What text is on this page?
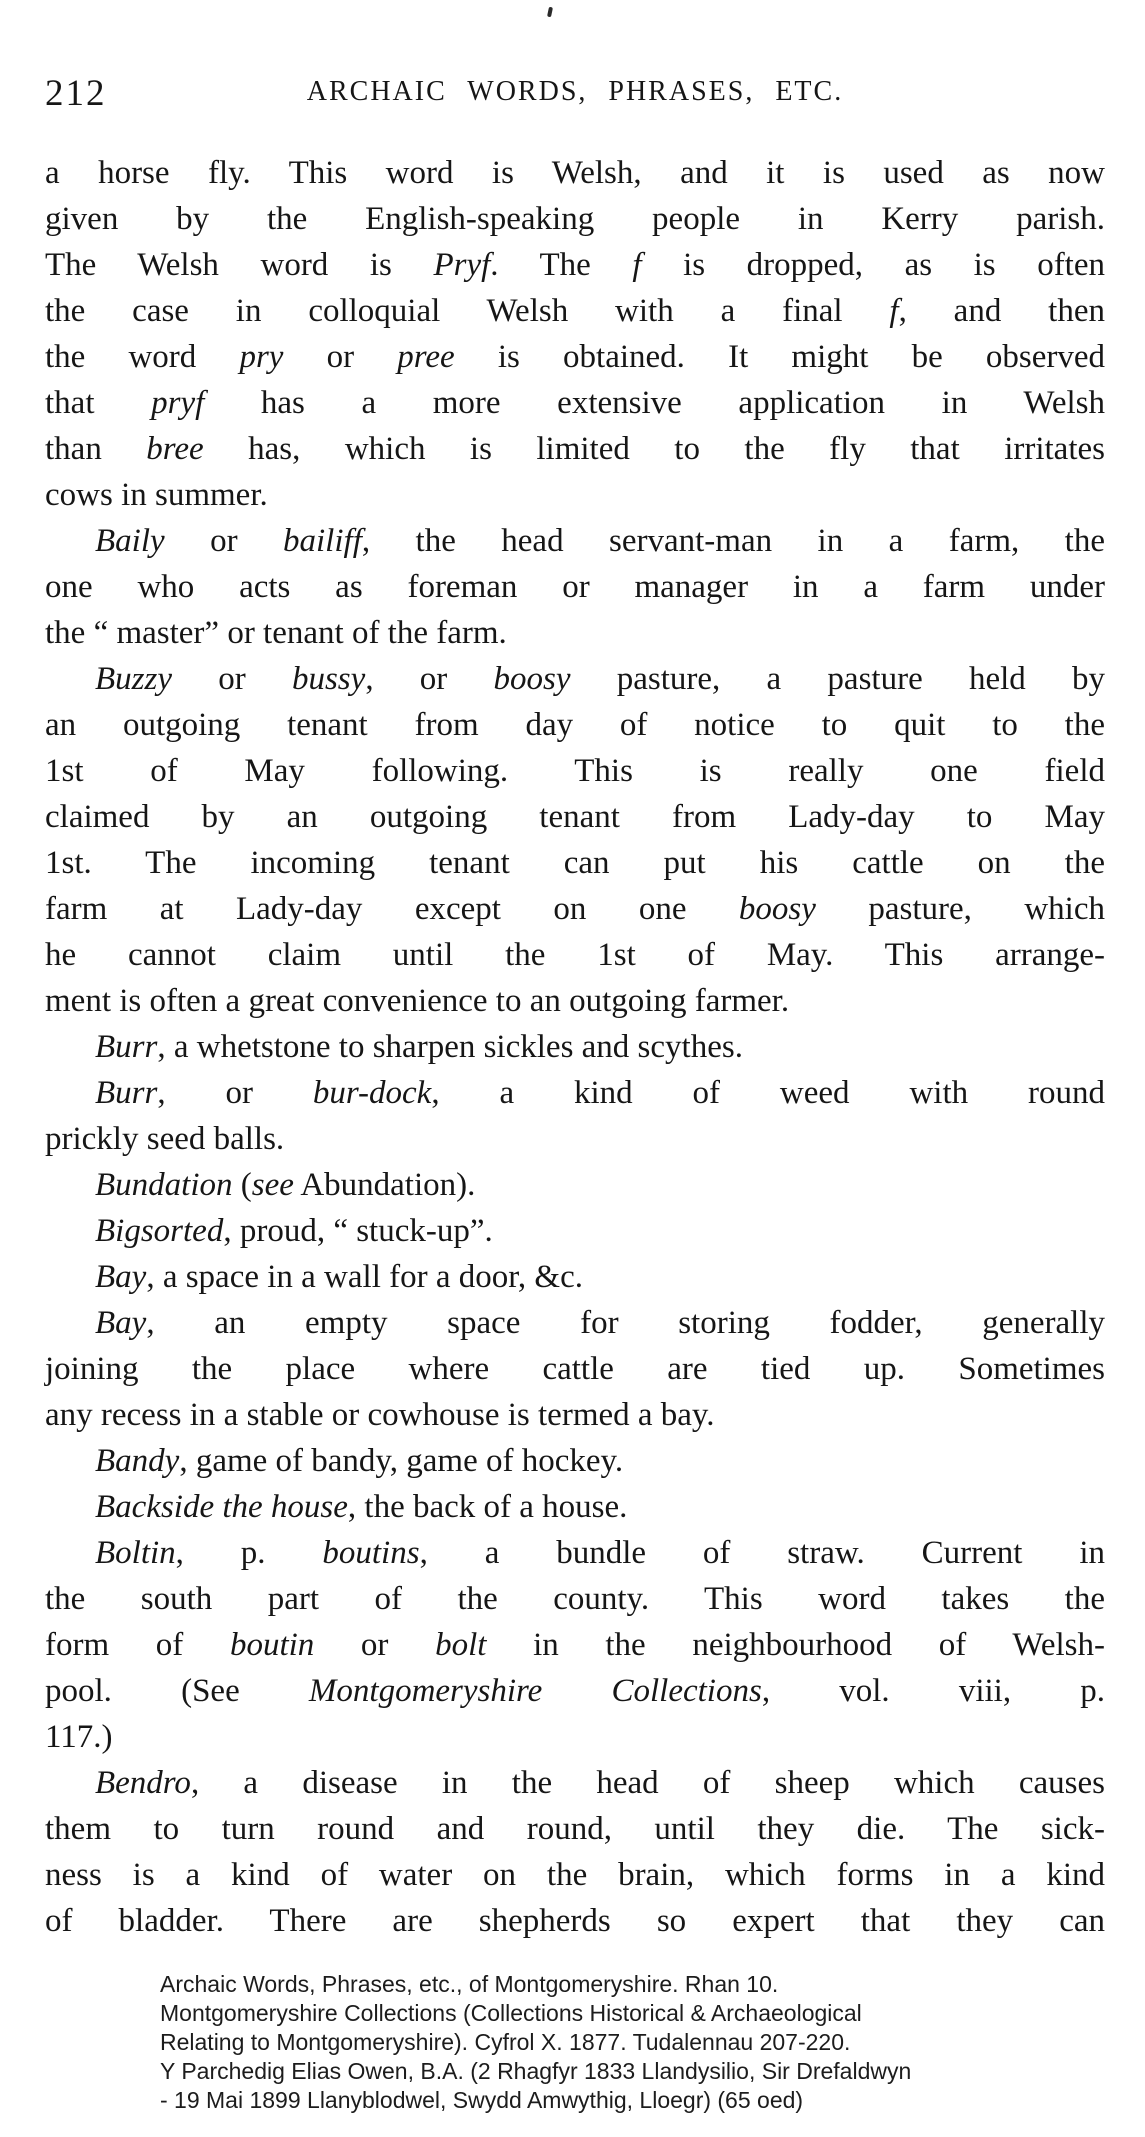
212	ARCHAIC WORDS, PHRASES, ETC.
a horse fly. This word is Welsh, and it is used as now
given by the English-speaking people in Kerry parish.
The Welsh word is Pryf. The f is dropped, as is often
the case in colloquial Welsh with a final f, and then
the word pry or pree is obtained. It might be observed
that pryf has a more extensive application in Welsh
than bree has, which is limited to the fly that irritates
cows in summer.
Baily or bailiff, the head servant-man in a farm, the
one who acts as foreman or manager in a farm under
the “ master” or tenant of the farm.
Buzzy or bussy, or boosy pasture, a pasture held by
an outgoing tenant from day of notice to quit to the
1st of May following. This is really one field
claimed by an outgoing tenant from Lady-day to May
1st. The incoming tenant can put his cattle on the
farm at Lady-day except on one boosy pasture, which
he cannot claim until the 1st of May. This arrange-
ment is often a great convenience to an outgoing farmer.
Burr, a whetstone to sharpen sickles and scythes.
Burr, or bur-dock, a kind of weed with round
prickly seed balls.
Bundation (see Abundation).
Bigsorted, proud, “ stuck-up”.
Bay, a space in a wall for a door, &c.
Bay, an empty space for storing fodder, generally
joining the place where cattle are tied up. Sometimes
any recess in a stable or cowhouse is termed a bay.
Bandy, game of bandy, game of hockey.
Backside the house, the back of a house.
Boltin, p. boutins, a bundle of straw. Current in
the south part of the county. This word takes the
form of boutin or bolt in the neighbourhood of Welsh-
pool. (See Montgomeryshire Collections, vol. viii, p.
117.)
Bendro, a disease in the head of sheep which causes
them to turn round and round, until they die. The sick-
ness is a kind of water on the brain, which forms in a kind
of bladder. There are shepherds so expert that they can
Archaic Words, Phrases, etc., of Montgomeryshire. Rhan 10.
Montgomeryshire Collections (Collections Historical & Archaeological
Relating to Montgomeryshire). Cyfrol X. 1877. Tudalennau 207-220.
Y Parchedig Elias Owen, B.A. (2 Rhagfyr 1833 Llandysilio, Sir Drefaldwyn
- 19 Mai 1899 Llanyblodwel, Swydd Amwythig, Lloegr) (65 oed)
